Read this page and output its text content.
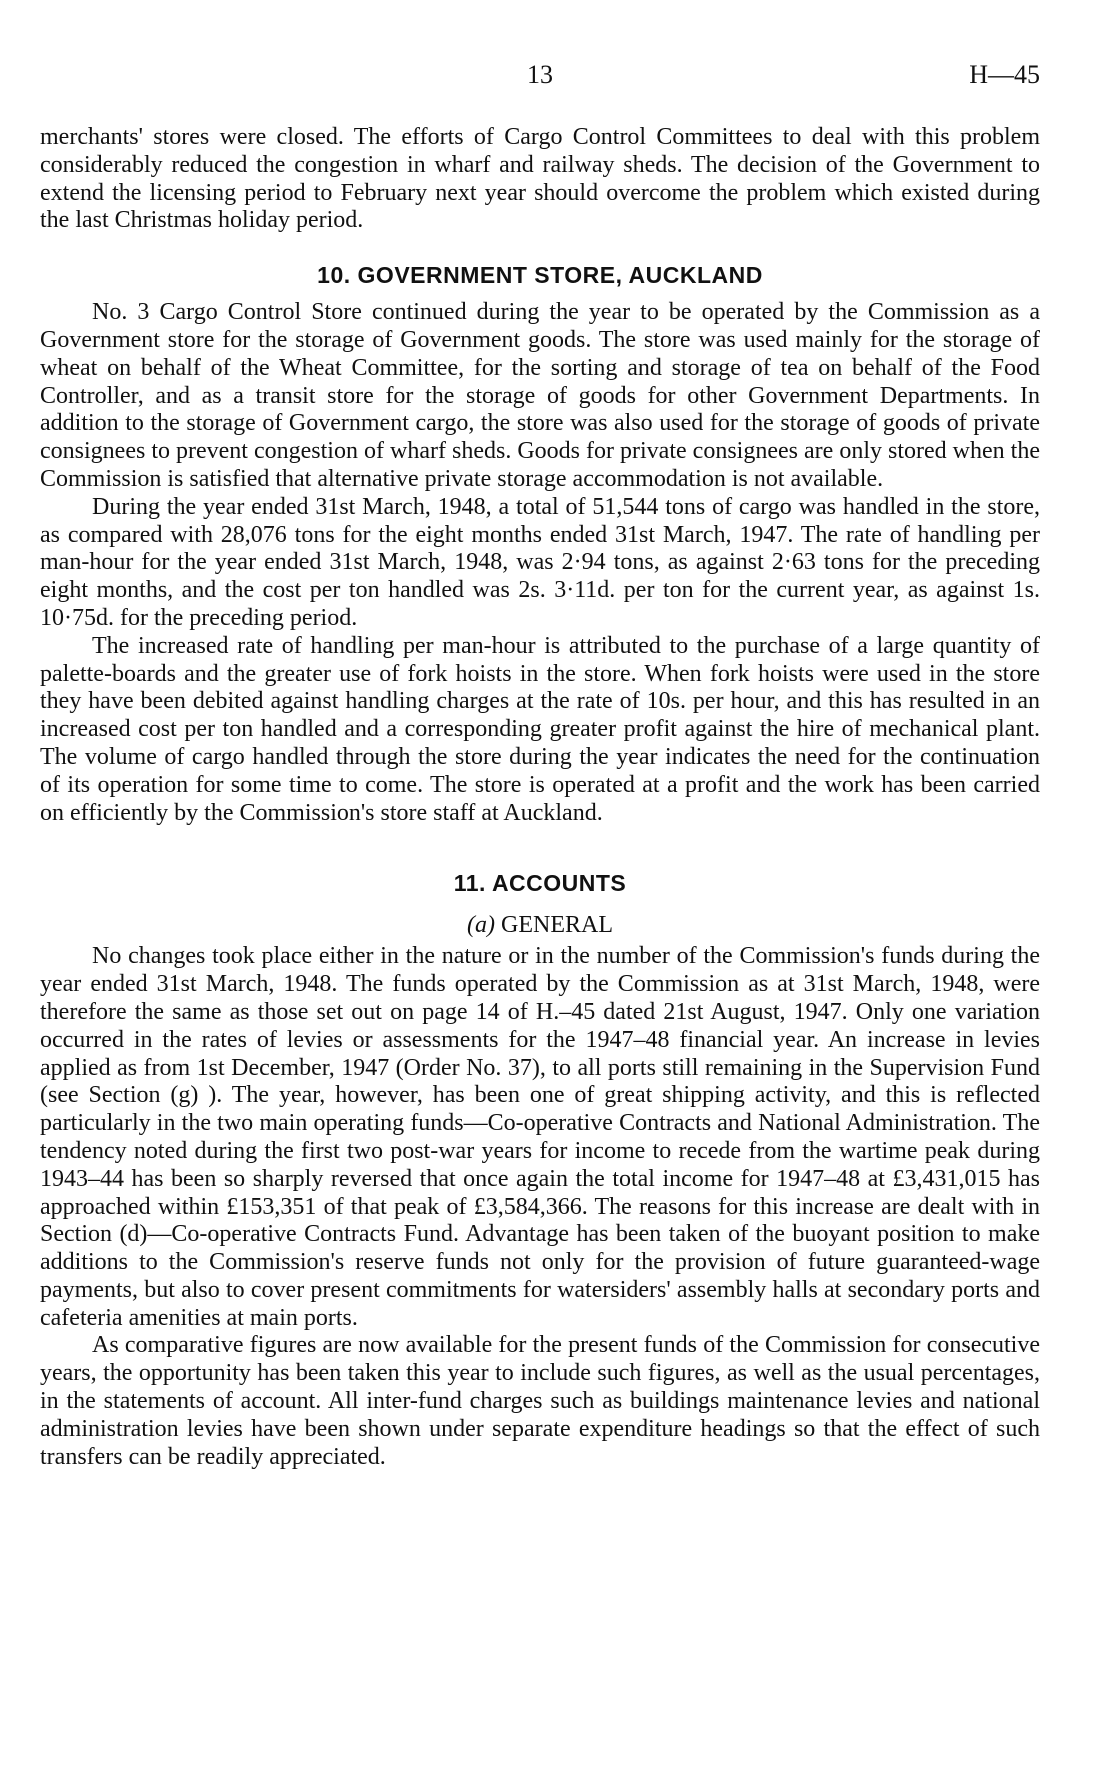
13	H—45

merchants' stores were closed. The efforts of Cargo Control Committees to deal with this problem considerably reduced the congestion in wharf and railway sheds. The decision of the Government to extend the licensing period to February next year should overcome the problem which existed during the last Christmas holiday period.

10. GOVERNMENT STORE, AUCKLAND

No. 3 Cargo Control Store continued during the year to be operated by the Commission as a Government store for the storage of Government goods. The store was used mainly for the storage of wheat on behalf of the Wheat Committee, for the sorting and storage of tea on behalf of the Food Controller, and as a transit store for the storage of goods for other Government Departments. In addition to the storage of Government cargo, the store was also used for the storage of goods of private consignees to prevent congestion of wharf sheds. Goods for private consignees are only stored when the Commission is satisfied that alternative private storage accommodation is not available.

During the year ended 31st March, 1948, a total of 51,544 tons of cargo was handled in the store, as compared with 28,076 tons for the eight months ended 31st March, 1947. The rate of handling per man-hour for the year ended 31st March, 1948, was 2·94 tons, as against 2·63 tons for the preceding eight months, and the cost per ton handled was 2s. 3·11d. per ton for the current year, as against 1s. 10·75d. for the preceding period.

The increased rate of handling per man-hour is attributed to the purchase of a large quantity of palette-boards and the greater use of fork hoists in the store. When fork hoists were used in the store they have been debited against handling charges at the rate of 10s. per hour, and this has resulted in an increased cost per ton handled and a corresponding greater profit against the hire of mechanical plant. The volume of cargo handled through the store during the year indicates the need for the continuation of its operation for some time to come. The store is operated at a profit and the work has been carried on efficiently by the Commission's store staff at Auckland.

11. ACCOUNTS
(a) GENERAL

No changes took place either in the nature or in the number of the Commission's funds during the year ended 31st March, 1948. The funds operated by the Commission as at 31st March, 1948, were therefore the same as those set out on page 14 of H.–45 dated 21st August, 1947. Only one variation occurred in the rates of levies or assessments for the 1947–48 financial year. An increase in levies applied as from 1st December, 1947 (Order No. 37), to all ports still remaining in the Supervision Fund (see Section (g) ). The year, however, has been one of great shipping activity, and this is reflected particularly in the two main operating funds—Co-operative Contracts and National Administration. The tendency noted during the first two post-war years for income to recede from the wartime peak during 1943–44 has been so sharply reversed that once again the total income for 1947–48 at £3,431,015 has approached within £153,351 of that peak of £3,584,366. The reasons for this increase are dealt with in Section (d)—Co-operative Contracts Fund. Advantage has been taken of the buoyant position to make additions to the Commission's reserve funds not only for the provision of future guaranteed-wage payments, but also to cover present commitments for watersiders' assembly halls at secondary ports and cafeteria amenities at main ports.

As comparative figures are now available for the present funds of the Commission for consecutive years, the opportunity has been taken this year to include such figures, as well as the usual percentages, in the statements of account. All inter-fund charges such as buildings maintenance levies and national administration levies have been shown under separate expenditure headings so that the effect of such transfers can be readily appreciated.
